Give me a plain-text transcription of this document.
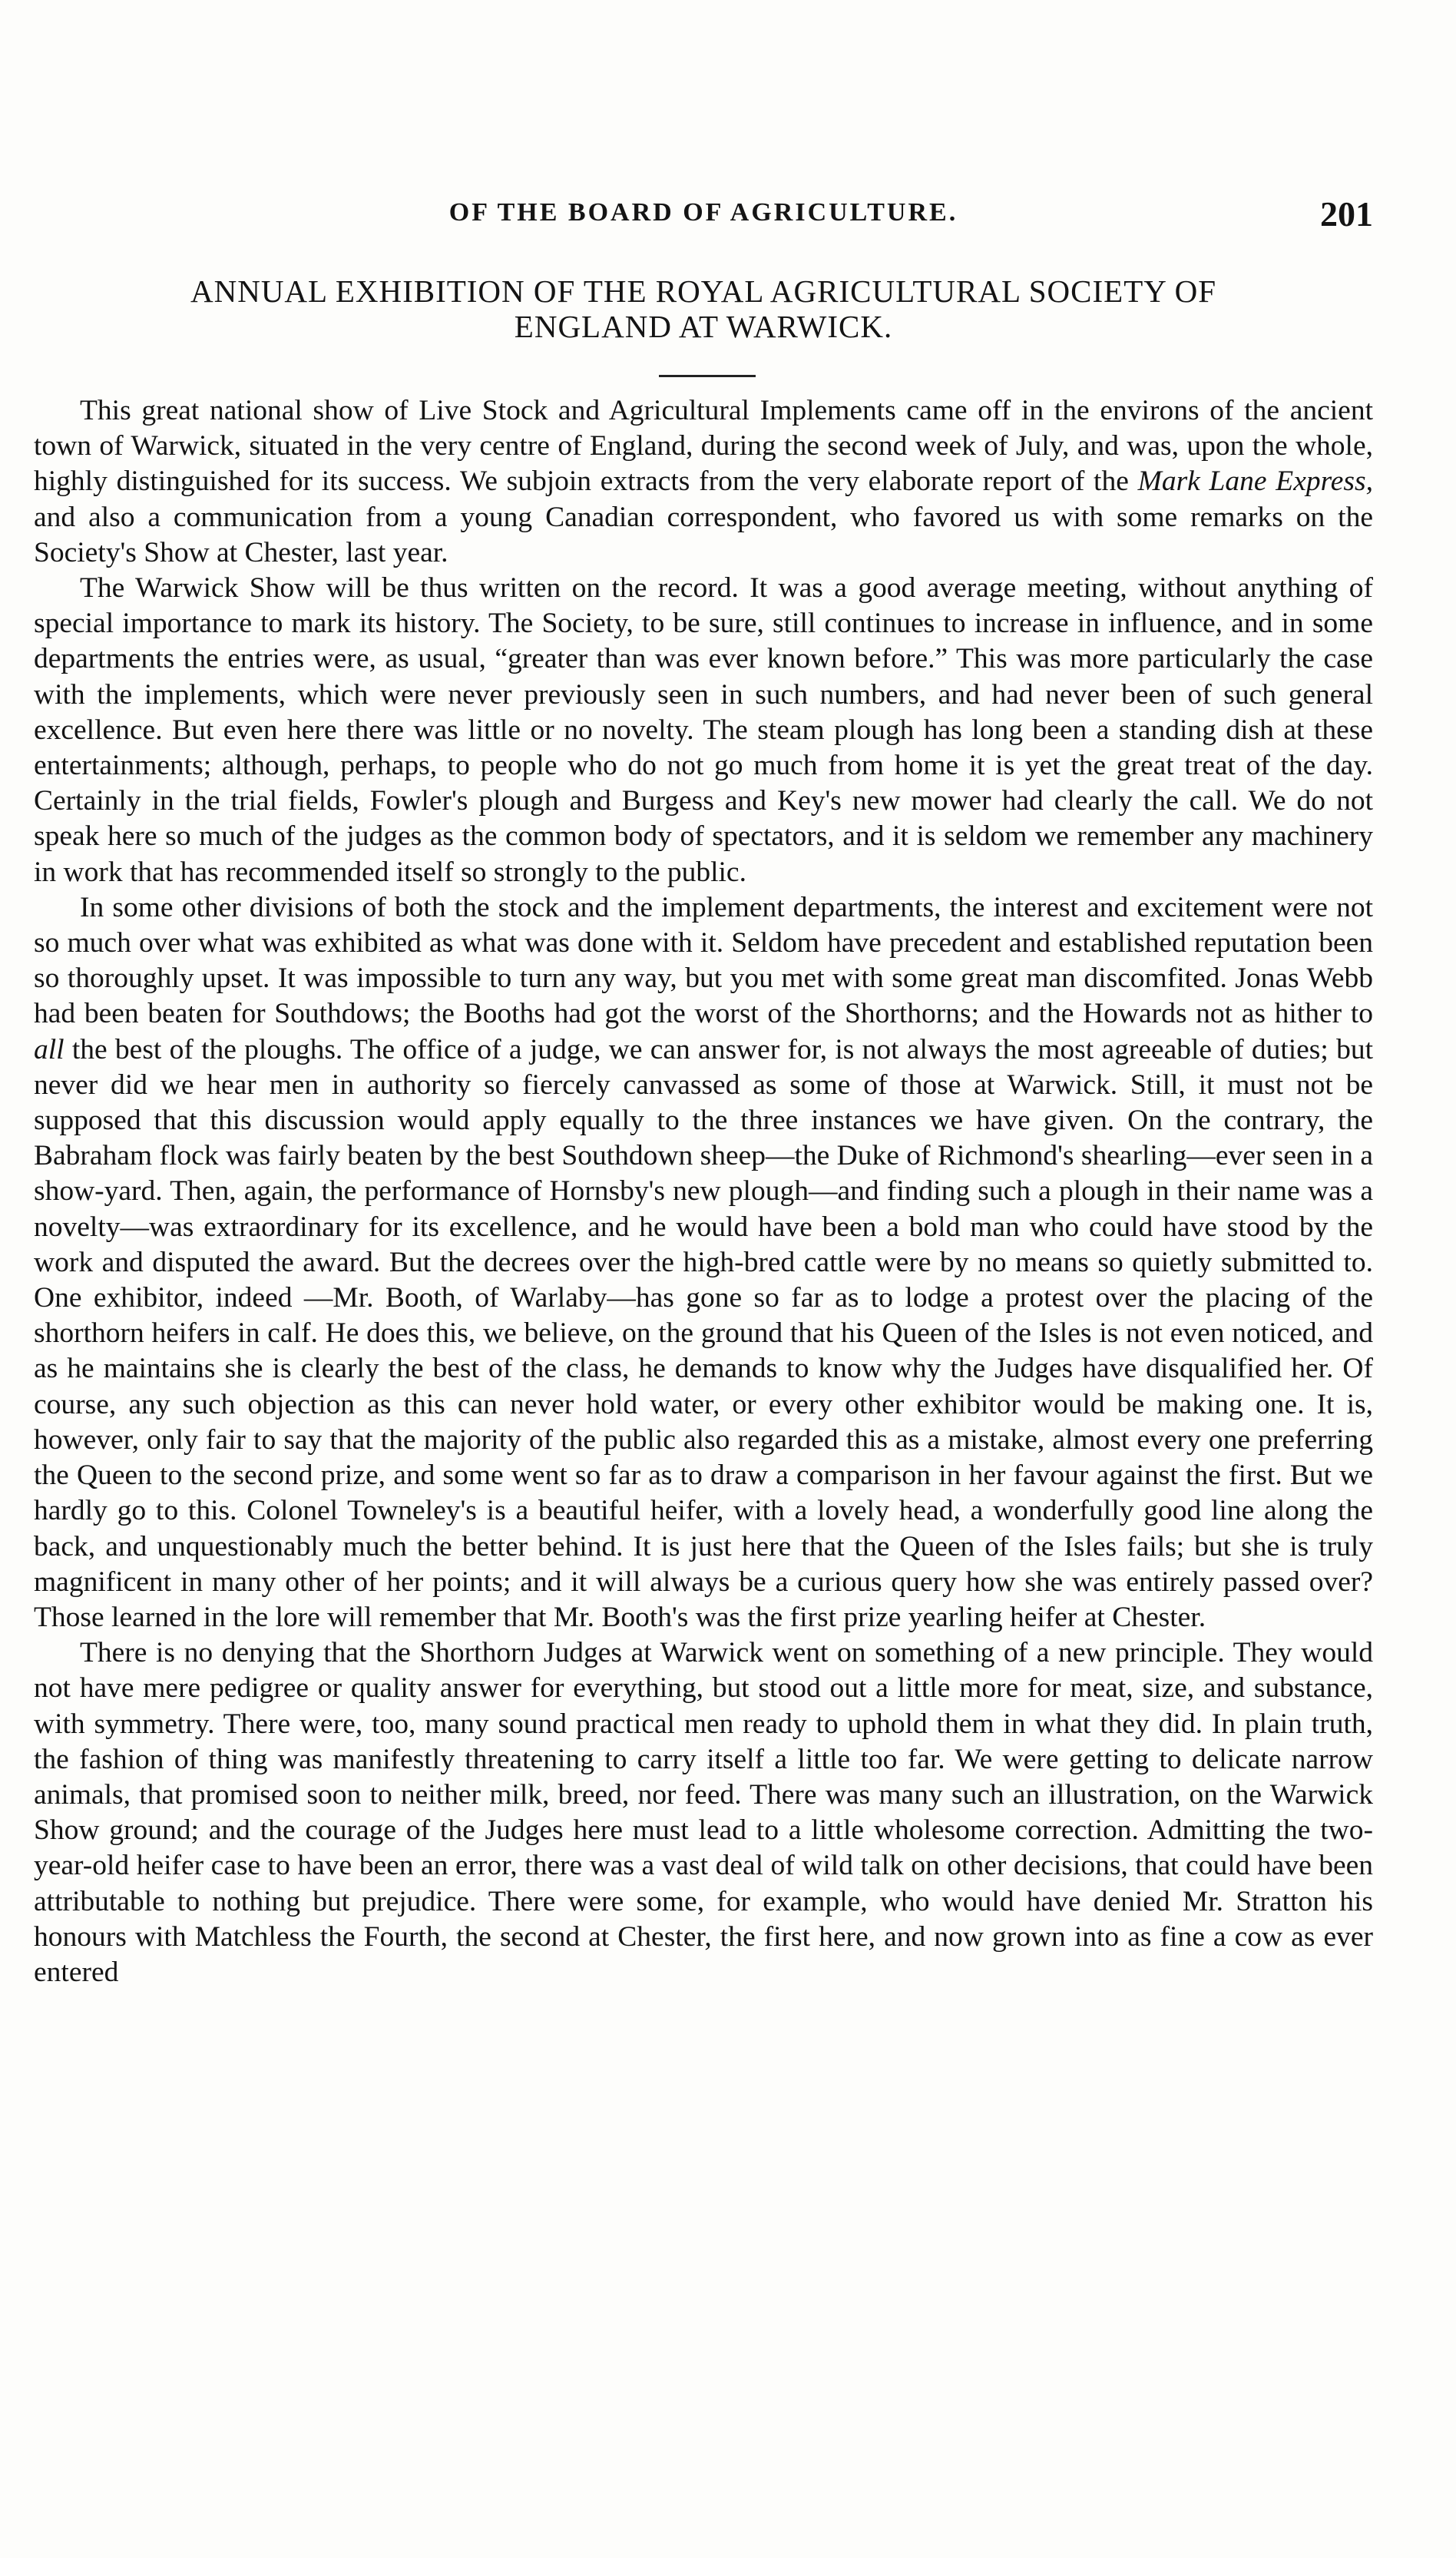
OF THE BOARD OF AGRICULTURE.	201
ANNUAL EXHIBITION OF THE ROYAL AGRICULTURAL SOCIETY OF
ENGLAND AT WARWICK.

This great national show of Live Stock and Agricultural Implements came off in the environs of the ancient town of Warwick, situated in the very centre of England, during the second week of July, and was, upon the whole, highly distinguished for its success. We subjoin extracts from the very elaborate report of the Mark Lane Express, and also a communication from a young Canadian correspondent, who favored us with some remarks on the Society's Show at Chester, last year.

The Warwick Show will be thus written on the record. It was a good average meeting, without anything of special importance to mark its history. The Society, to be sure, still continues to increase in influence, and in some departments the entries were, as usual, “greater than was ever known before.” This was more particularly the case with the implements, which were never previously seen in such numbers, and had never been of such general excellence. But even here there was little or no novelty. The steam plough has long been a standing dish at these entertainments; although, perhaps, to people who do not go much from home it is yet the great treat of the day. Certainly in the trial fields, Fowler's plough and Burgess and Key's new mower had clearly the call. We do not speak here so much of the judges as the common body of spectators, and it is seldom we remember any machinery in work that has recommended itself so strongly to the public.

In some other divisions of both the stock and the implement departments, the interest and excitement were not so much over what was exhibited as what was done with it. Seldom have precedent and established reputation been so thoroughly upset. It was impossible to turn any way, but you met with some great man discomfited. Jonas Webb had been beaten for Southdows; the Booths had got the worst of the Shorthorns; and the Howards not as hither to all the best of the ploughs. The office of a judge, we can answer for, is not always the most agreeable of duties; but never did we hear men in authority so fiercely canvassed as some of those at Warwick. Still, it must not be supposed that this discussion would apply equally to the three instances we have given. On the contrary, the Babraham flock was fairly beaten by the best Southdown sheep—the Duke of Richmond's shearling—ever seen in a show-yard. Then, again, the performance of Hornsby's new plough—and finding such a plough in their name was a novelty—was extraordinary for its excellence, and he would have been a bold man who could have stood by the work and disputed the award. But the decrees over the high-bred cattle were by no means so quietly submitted to. One exhibitor, indeed —Mr. Booth, of Warlaby—has gone so far as to lodge a protest over the placing of the shorthorn heifers in calf. He does this, we believe, on the ground that his Queen of the Isles is not even noticed, and as he maintains she is clearly the best of the class, he demands to know why the Judges have disqualified her. Of course, any such objection as this can never hold water, or every other exhibitor would be making one. It is, however, only fair to say that the majority of the public also regarded this as a mistake, almost every one preferring the Queen to the second prize, and some went so far as to draw a comparison in her favour against the first. But we hardly go to this. Colonel Towneley's is a beautiful heifer, with a lovely head, a wonderfully good line along the back, and unquestionably much the better behind. It is just here that the Queen of the Isles fails; but she is truly magnificent in many other of her points; and it will always be a curious query how she was entirely passed over? Those learned in the lore will remember that Mr. Booth's was the first prize yearling heifer at Chester.

There is no denying that the Shorthorn Judges at Warwick went on something of a new principle. They would not have mere pedigree or quality answer for everything, but stood out a little more for meat, size, and substance, with symmetry. There were, too, many sound practical men ready to uphold them in what they did. In plain truth, the fashion of thing was manifestly threatening to carry itself a little too far. We were getting to delicate narrow animals, that promised soon to neither milk, breed, nor feed. There was many such an illustration, on the Warwick Show ground; and the courage of the Judges here must lead to a little wholesome correction. Admitting the two-year-old heifer case to have been an error, there was a vast deal of wild talk on other decisions, that could have been attributable to nothing but prejudice. There were some, for example, who would have denied Mr. Stratton his honours with Matchless the Fourth, the second at Chester, the first here, and now grown into as fine a cow as ever entered
